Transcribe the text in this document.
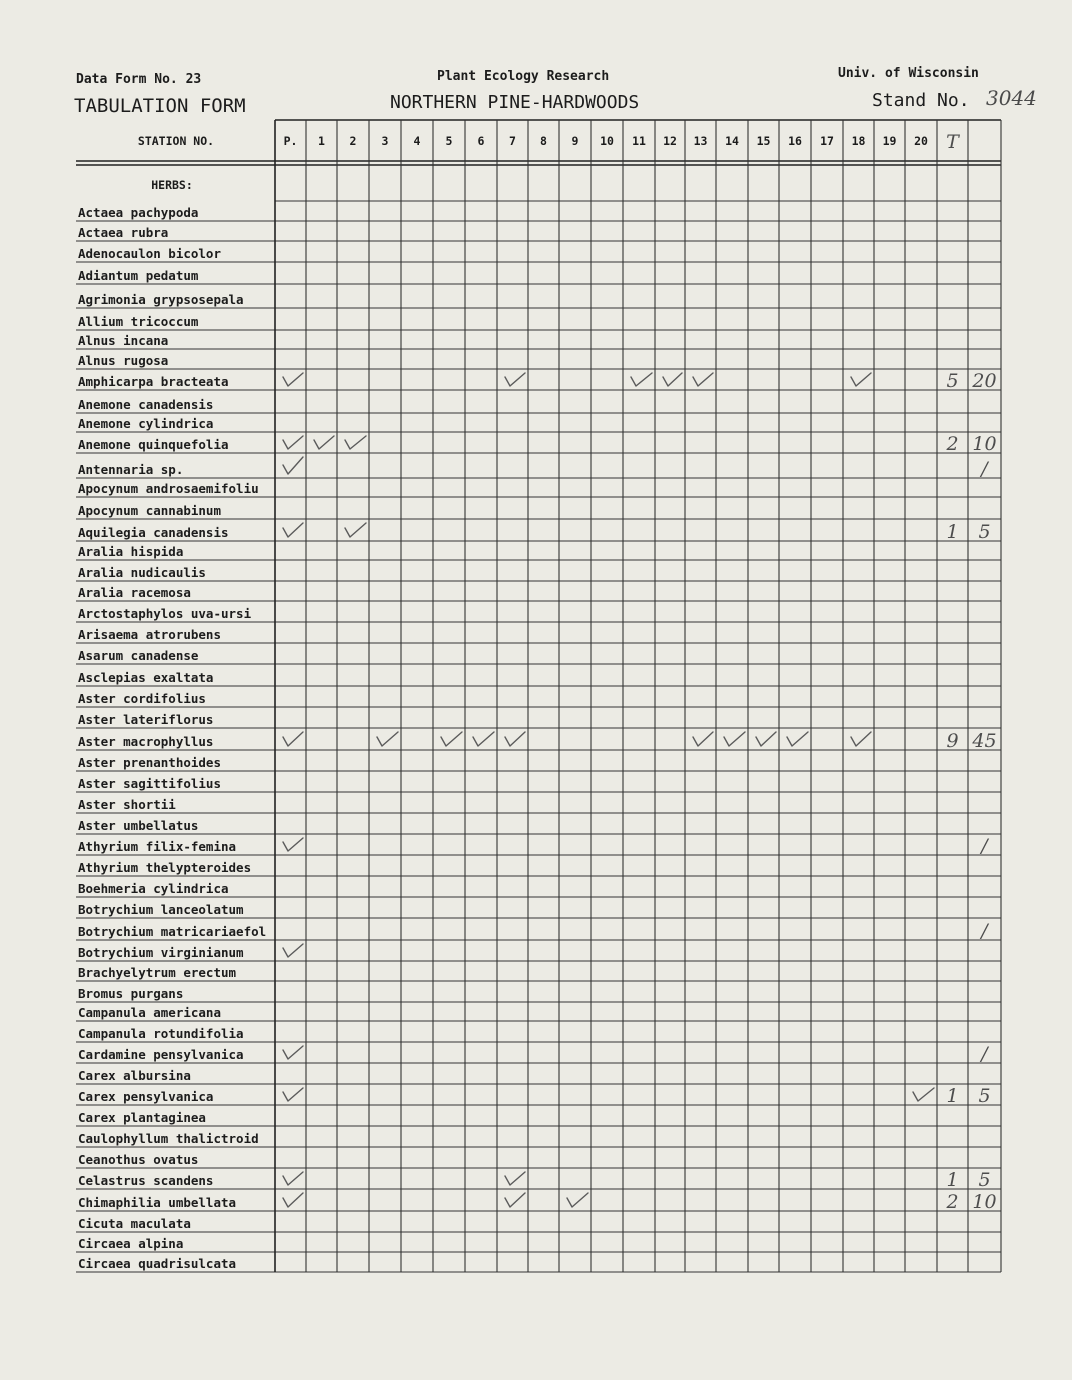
Data Form No. 23
TABULATION FORM
Plant Ecology Research
NORTHERN PINE-HARDWOODS
Univ. of Wisconsin
Stand No. 3044
STATION NO.	P. 1 2 3 4 5 6 7 8 9 10 11 12 13 14 15 16 17 18 19 20 T
HERBS:
Actaea pachypoda
Actaea rubra
Adenocaulon bicolor
Adiantum pedatum
Agrimonia grypsosepala
Allium tricoccum
Alnus incana
Alnus rugosa
Amphicarpa bracteata
Anemone canadensis
Anemone cylindrica
Anemone quinquefolia
Antennaria sp.
Apocynum androsaemifoliu
Apocynum cannabinum
Aquilegia canadensis
Aralia hispida
Aralia nudicaulis
Aralia racemosa
Arctostaphylos uva-ursi
Arisaema atrorubens
Asarum canadense
Asclepias exaltata
Aster cordifolius
Aster lateriflorus
Aster macrophyllus
Aster prenanthoides
Aster sagittifolius
Aster shortii
Aster umbellatus
Athyrium filix-femina
Athyrium thelypteroides
Boehmeria cylindrica
Botrychium lanceolatum
Botrychium matricariaefol
Botrychium virginianum
Brachyelytrum erectum
Bromus purgans
Campanula americana
Campanula rotundifolia
Cardamine pensylvanica
Carex albursina
Carex pensylvanica
Carex plantaginea
Caulophyllum thalictroid
Ceanothus ovatus
Celastrus scandens
Chimaphilia umbellata
Cicuta maculata
Circaea alpina
Circaea quadrisulcata
5 20
2 10
/
1 5
9 45
/
/
/
1 5
1 5
2 10
